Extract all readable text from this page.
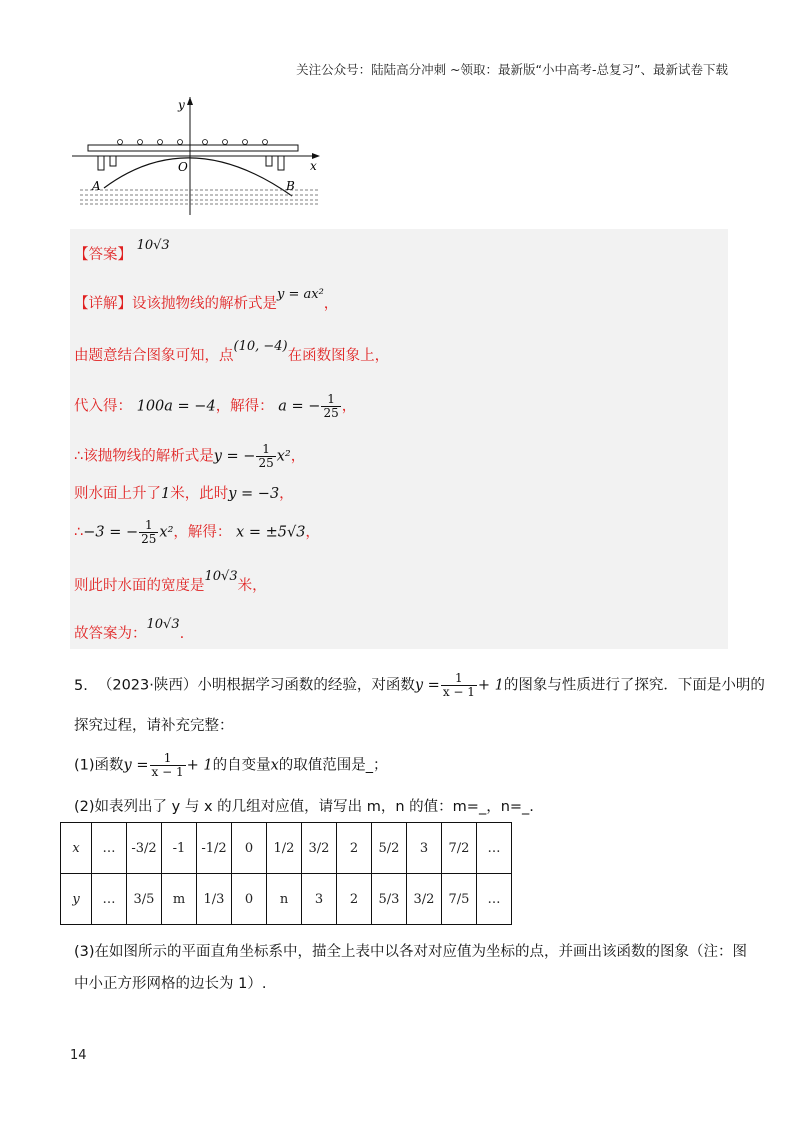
关注公众号：陆陆高分冲刺 ~领取：最新版“小中高考-总复习”、最新试卷下载
y
x
O
A	B
【答案】 10√3
【详解】设该抛物线的解析式是y = ax²，
由题意结合图象可知，点(10, −4)在函数图象上，
代入得： 100a = −4，解得： a = − $\frac{1}{25}$ ，
∴该抛物线的解析式是y = − $\frac{1}{25} x^2$，
则水面上升了1米，此时y = −3，
∴−3 = − $\frac{1}{25} x^2$，解得： x = ±5√3，
则此时水面的宽度是10√3米，
故答案为：10√3.
5. （2023·陕西）小明根据学习函数的经验，对函数$y = \frac{1}{x - 1} + 1$的图象与性质进行了探究．下面是小明的
探究过程，请补充完整：
(1)函数$y = \frac{1}{x - 1} + 1$的自变量x的取值范围是_；
(2)如表列出了 y 与 x 的几组对应值，请写出 m，n 的值：m=_，n=_.
x	…	-3/2	-1	-1/2	0	1/2	3/2	2	5/2	3	7/2	…
y	…	3/5	m	1/3	0	n	3	2	5/3	3/2	7/5	…
(3)在如图所示的平面直角坐标系中，描全上表中以各对对应值为坐标的点，并画出该函数的图象（注：图
中小正方形网格的边长为 1）.
14
